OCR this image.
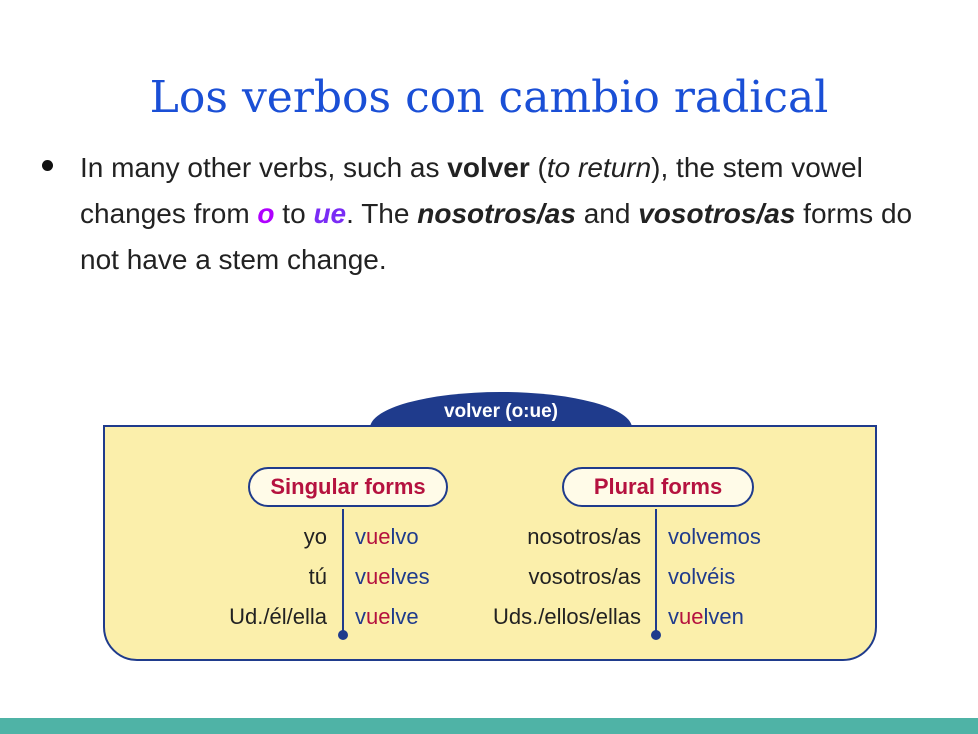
Los verbos con cambio radical
In many other verbs, such as volver (to return), the stem vowel changes from o to ue. The nosotros/as and vosotros/as forms do not have a stem change.
volver (o:ue)
Singular forms	Plural forms
yo vuelvo
tú vuelves
Ud./él/ella vuelve
nosotros/as volvemos
vosotros/as volvéis
Uds./ellos/ellas vuelven
